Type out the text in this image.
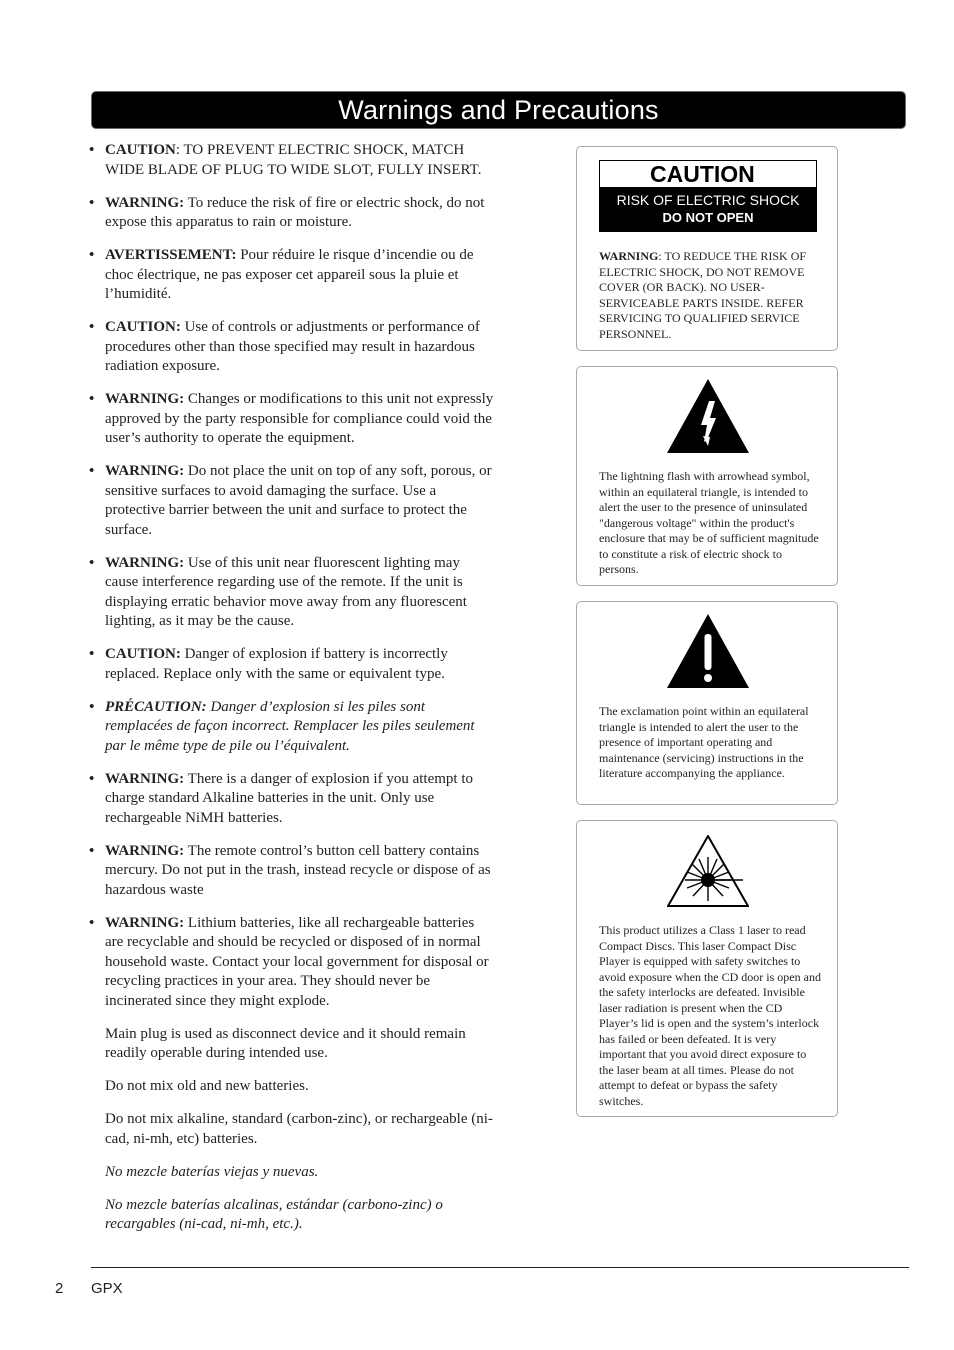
Warnings and Precautions
• CAUTION: TO PREVENT ELECTRIC SHOCK, MATCH WIDE BLADE OF PLUG TO WIDE SLOT, FULLY INSERT.
• WARNING: To reduce the risk of fire or electric shock, do not expose this apparatus to rain or moisture.
• AVERTISSEMENT: Pour réduire le risque d’incendie ou de choc électrique, ne pas exposer cet appareil sous la pluie et l’humidité.
• CAUTION: Use of controls or adjustments or performance of procedures other than those specified may result in hazardous radiation exposure.
• WARNING: Changes or modifications to this unit not expressly approved by the party responsible for compliance could void the user’s authority to operate the equipment.
• WARNING: Do not place the unit on top of any soft, porous, or sensitive surfaces to avoid damaging the surface. Use a protective barrier between the unit and surface to protect the surface.
• WARNING: Use of this unit near fluorescent lighting may cause interference regarding use of the remote. If the unit is displaying erratic behavior move away from any fluorescent lighting, as it may be the cause.
• CAUTION: Danger of explosion if battery is incorrectly replaced. Replace only with the same or equivalent type.
• PRÉCAUTION: Danger d’explosion si les piles sont remplacées de façon incorrect. Remplacer les piles seulement par le même type de pile ou l’équivalent.
• WARNING: There is a danger of explosion if you attempt to charge standard Alkaline batteries in the unit. Only use rechargeable NiMH batteries.
• WARNING: The remote control’s button cell battery contains mercury. Do not put in the trash, instead recycle or dispose of as hazardous waste
• WARNING: Lithium batteries, like all rechargeable batteries are recyclable and should be recycled or disposed of in normal household waste. Contact your local government for disposal or recycling practices in your area. They should never be incinerated since they might explode.
Main plug is used as disconnect device and it should remain readily operable during intended use.
Do not mix old and new batteries.
Do not mix alkaline, standard (carbon-zinc), or rechargeable (ni-cad, ni-mh, etc) batteries.
No mezcle baterías viejas y nuevas.
No mezcle baterías alcalinas, estándar (carbono-zinc) o recargables (ni-cad, ni-mh, etc.).
CAUTION
RISK OF ELECTRIC SHOCK
DO NOT OPEN
WARNING: TO REDUCE THE RISK OF ELECTRIC SHOCK, DO NOT REMOVE COVER (OR BACK). NO USER-SERVICEABLE PARTS INSIDE. REFER SERVICING TO QUALIFIED SERVICE PERSONNEL.
The lightning flash with arrowhead symbol, within an equilateral triangle, is intended to alert the user to the presence of uninsulated "dangerous voltage" within the product's enclosure that may be of sufficient magnitude to constitute a risk of electric shock to persons.
The exclamation point within an equilateral triangle is intended to alert the user to the presence of important operating and maintenance (servicing) instructions in the literature accompanying the appliance.
This product utilizes a Class 1 laser to read Compact Discs. This laser Compact Disc Player is equipped with safety switches to avoid exposure when the CD door is open and the safety interlocks are defeated. Invisible laser radiation is present when the CD Player’s lid is open and the system’s interlock has failed or been defeated. It is very important that you avoid direct exposure to the laser beam at all times. Please do not attempt to defeat or bypass the safety switches.
2 GPX
